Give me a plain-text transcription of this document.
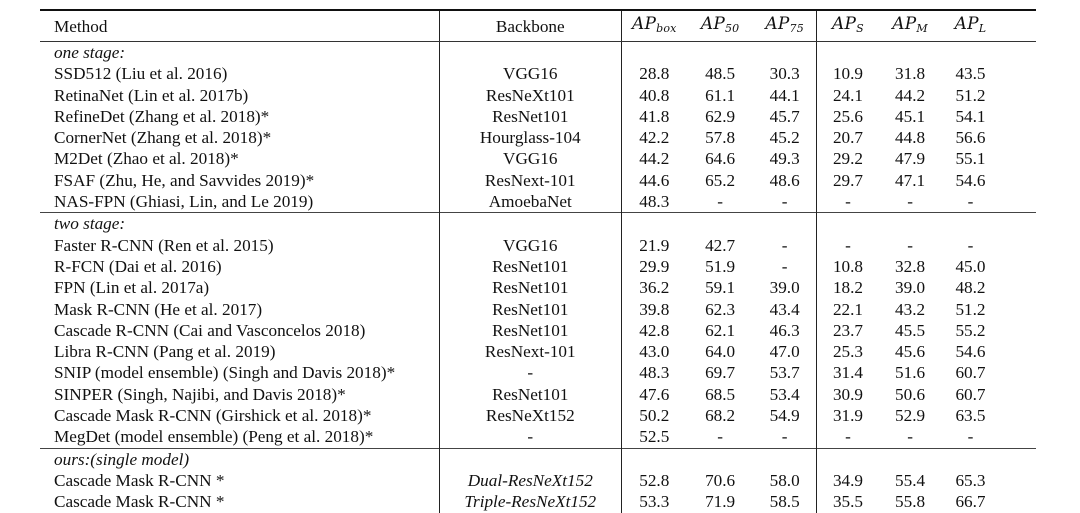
Method	Backbone	$AP_{box}$	$AP_{50}$	$AP_{75}$	$AP_S$	$AP_M$	$AP_L$	
one stage:								
SSD512 (Liu et al. 2016)	VGG16	28.8	48.5	30.3	10.9	31.8	43.5	
RetinaNet (Lin et al. 2017b)	ResNeXt101	40.8	61.1	44.1	24.1	44.2	51.2	
RefineDet (Zhang et al. 2018)*	ResNet101	41.8	62.9	45.7	25.6	45.1	54.1	
CornerNet (Zhang et al. 2018)*	Hourglass-104	42.2	57.8	45.2	20.7	44.8	56.6	
M2Det (Zhao et al. 2018)*	VGG16	44.2	64.6	49.3	29.2	47.9	55.1	
FSAF (Zhu, He, and Savvides 2019)*	ResNext-101	44.6	65.2	48.6	29.7	47.1	54.6	
NAS-FPN (Ghiasi, Lin, and Le 2019)	AmoebaNet	48.3	-	-	-	-	-	
two stage:								
Faster R-CNN (Ren et al. 2015)	VGG16	21.9	42.7	-	-	-	-	
R-FCN (Dai et al. 2016)	ResNet101	29.9	51.9	-	10.8	32.8	45.0	
FPN (Lin et al. 2017a)	ResNet101	36.2	59.1	39.0	18.2	39.0	48.2	
Mask R-CNN (He et al. 2017)	ResNet101	39.8	62.3	43.4	22.1	43.2	51.2	
Cascade R-CNN (Cai and Vasconcelos 2018)	ResNet101	42.8	62.1	46.3	23.7	45.5	55.2	
Libra R-CNN (Pang et al. 2019)	ResNext-101	43.0	64.0	47.0	25.3	45.6	54.6	
SNIP (model ensemble) (Singh and Davis 2018)*	-	48.3	69.7	53.7	31.4	51.6	60.7	
SINPER (Singh, Najibi, and Davis 2018)*	ResNet101	47.6	68.5	53.4	30.9	50.6	60.7	
Cascade Mask R-CNN (Girshick et al. 2018)*	ResNeXt152	50.2	68.2	54.9	31.9	52.9	63.5	
MegDet (model ensemble) (Peng et al. 2018)*	-	52.5	-	-	-	-	-	
ours:(single model)								
Cascade Mask R-CNN *	Dual-ResNeXt152	52.8	70.6	58.0	34.9	55.4	65.3	
Cascade Mask R-CNN *	Triple-ResNeXt152	53.3	71.9	58.5	35.5	55.8	66.7	
